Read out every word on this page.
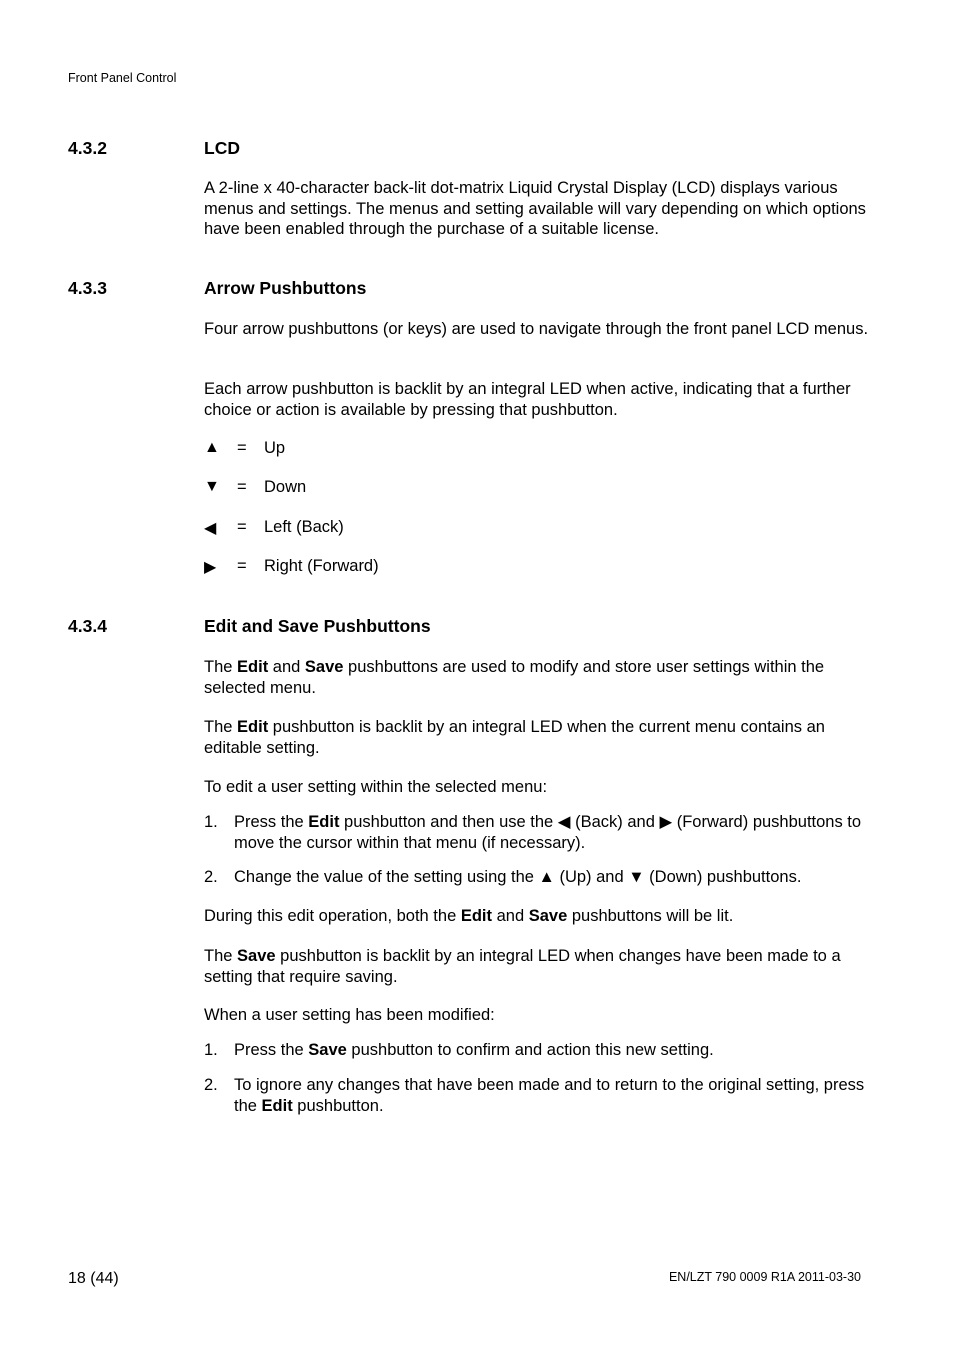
Front Panel Control
4.3.2	LCD
A 2-line x 40-character back-lit dot-matrix Liquid Crystal Display (LCD) displays various menus and settings. The menus and setting available will vary depending on which options have been enabled through the purchase of a suitable license.
4.3.3	Arrow Pushbuttons
Four arrow pushbuttons (or keys) are used to navigate through the front panel LCD menus.
Each arrow pushbutton is backlit by an integral LED when active, indicating that a further choice or action is available by pressing that pushbutton.
▲ = Up
▼ = Down
◀	= Left (Back)
▶	= Right (Forward)
4.3.4	Edit and Save Pushbuttons
The Edit and Save pushbuttons are used to modify and store user settings within the selected menu.
The Edit pushbutton is backlit by an integral LED when the current menu contains an editable setting.
To edit a user setting within the selected menu:
1. Press the Edit pushbutton and then use the ◀ (Back) and ▶ (Forward) pushbuttons to move the cursor within that menu (if necessary).
2. Change the value of the setting using the ▲ (Up) and ▼ (Down) pushbuttons.
During this edit operation, both the Edit and Save pushbuttons will be lit.
The Save pushbutton is backlit by an integral LED when changes have been made to a setting that require saving.
When a user setting has been modified:
1. Press the Save pushbutton to confirm and action this new setting.
2. To ignore any changes that have been made and to return to the original setting, press the Edit pushbutton.
18 (44)	EN/LZT 790 0009 R1A 2011-03-30
